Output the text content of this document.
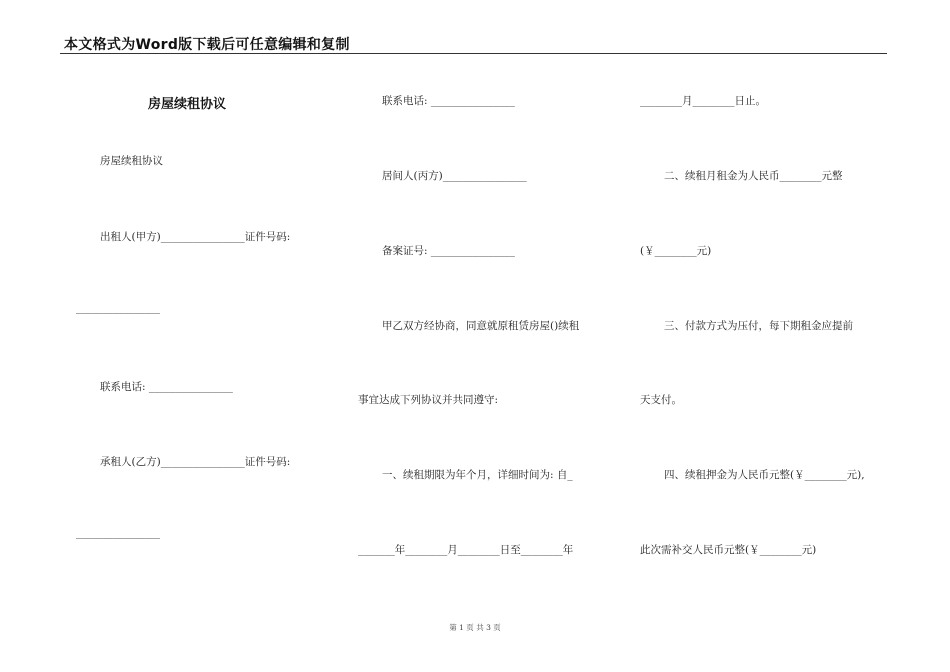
本文格式为Word版下载后可任意编辑和复制
房屋续租协议
房屋续租协议
出租人(甲方)________________证件号码:
________________
联系电话: ________________
承租人(乙方)________________证件号码:
________________
联系电话: ________________
居间人(丙方)________________
备案证号: ________________
甲乙双方经协商，同意就原租赁房屋()续租
事宜达成下列协议并共同遵守:
一、续租期限为年个月，详细时间为: 自_
_______年________月________日至________年
________月________日止。
二、续租月租金为人民币________元整
(￥________元)
三、付款方式为压付，每下期租金应提前
天支付。
四、续租押金为人民币元整(￥________元),
此次需补交人民币元整(￥________元)
第 1 页 共 3 页
